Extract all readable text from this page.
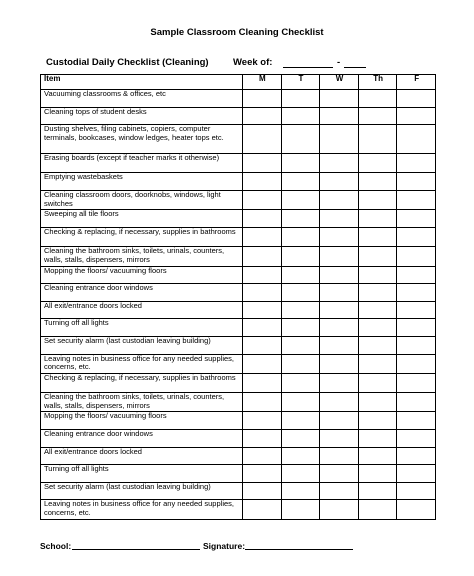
Sample Classroom Cleaning Checklist
Custodial Daily Checklist (Cleaning)	Week of:	-
Item	M	T	W	Th	F
Vacuuming classrooms & offices, etc					
Cleaning tops of student desks					
Dusting shelves, filing cabinets, copiers, computer terminals, bookcases, window ledges, heater tops etc.					
Erasing boards (except if teacher marks it otherwise)					
Emptying wastebaskets					
Cleaning classroom doors, doorknobs, windows, light switches					
Sweeping all tile floors					
Checking & replacing, if necessary, supplies in bathrooms					
Cleaning the bathroom sinks, toilets, urinals, counters, walls, stalls, dispensers, mirrors					
Mopping the floors/ vacuuming floors					
Cleaning entrance door windows					
All exit/entrance doors locked					
Turning off all lights					
Set security alarm (last custodian leaving building)					
Leaving notes in business office for any needed supplies, concerns, etc.					
Checking & replacing, if necessary, supplies in bathrooms					
Cleaning the bathroom sinks, toilets, urinals, counters, walls, stalls, dispensers, mirrors					
Mopping the floors/ vacuuming floors					
Cleaning entrance door windows					
All exit/entrance doors locked					
Turning off all lights					
Set security alarm (last custodian leaving building)					
Leaving notes in business office for any needed supplies, concerns, etc.					
School:	Signature:
